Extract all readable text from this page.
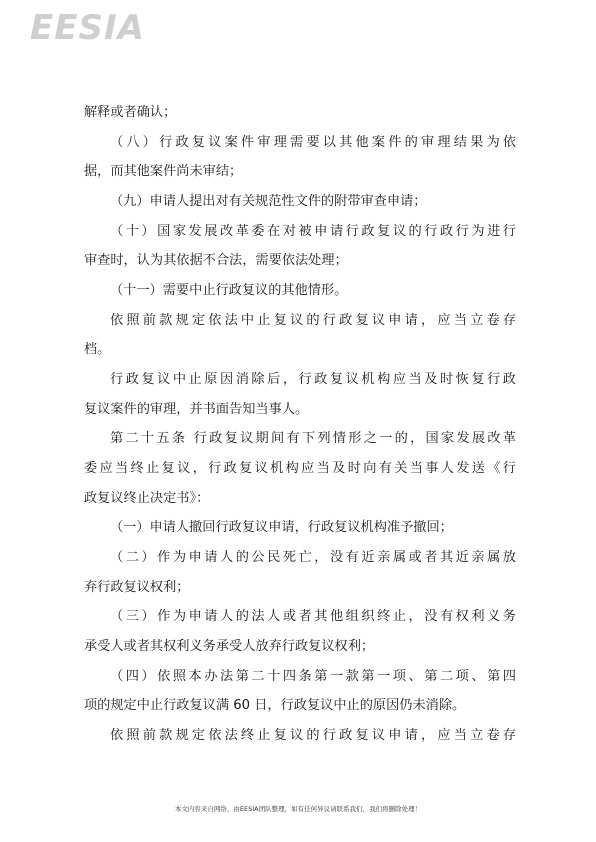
EESIA
解释或者确认；
（八）行政复议案件审理需要以其他案件的审理结果为依
据，而其他案件尚未审结；
（九）申请人提出对有关规范性文件的附带审查申请；
（十）国家发展改革委在对被申请行政复议的行政行为进行
审查时，认为其依据不合法，需要依法处理；
（十一）需要中止行政复议的其他情形。
依照前款规定依法中止复议的行政复议申请，应当立卷存
档。
行政复议中止原因消除后，行政复议机构应当及时恢复行政
复议案件的审理，并书面告知当事人。
第二十五条 行政复议期间有下列情形之一的，国家发展改革
委应当终止复议，行政复议机构应当及时向有关当事人发送《行
政复议终止决定书》：
（一）申请人撤回行政复议申请，行政复议机构准予撤回；
（二）作为申请人的公民死亡，没有近亲属或者其近亲属放
弃行政复议权利；
（三）作为申请人的法人或者其他组织终止，没有权利义务
承受人或者其权利义务承受人放弃行政复议权利；
（四）依照本办法第二十四条第一款第一项、第二项、第四
项的规定中止行政复议满 60 日，行政复议中止的原因仍未消除。
依照前款规定依法终止复议的行政复议申请，应当立卷存
本文内容来自网络，由EESIA团队整理，如有任何异议请联系我们，我们将删除处理！
